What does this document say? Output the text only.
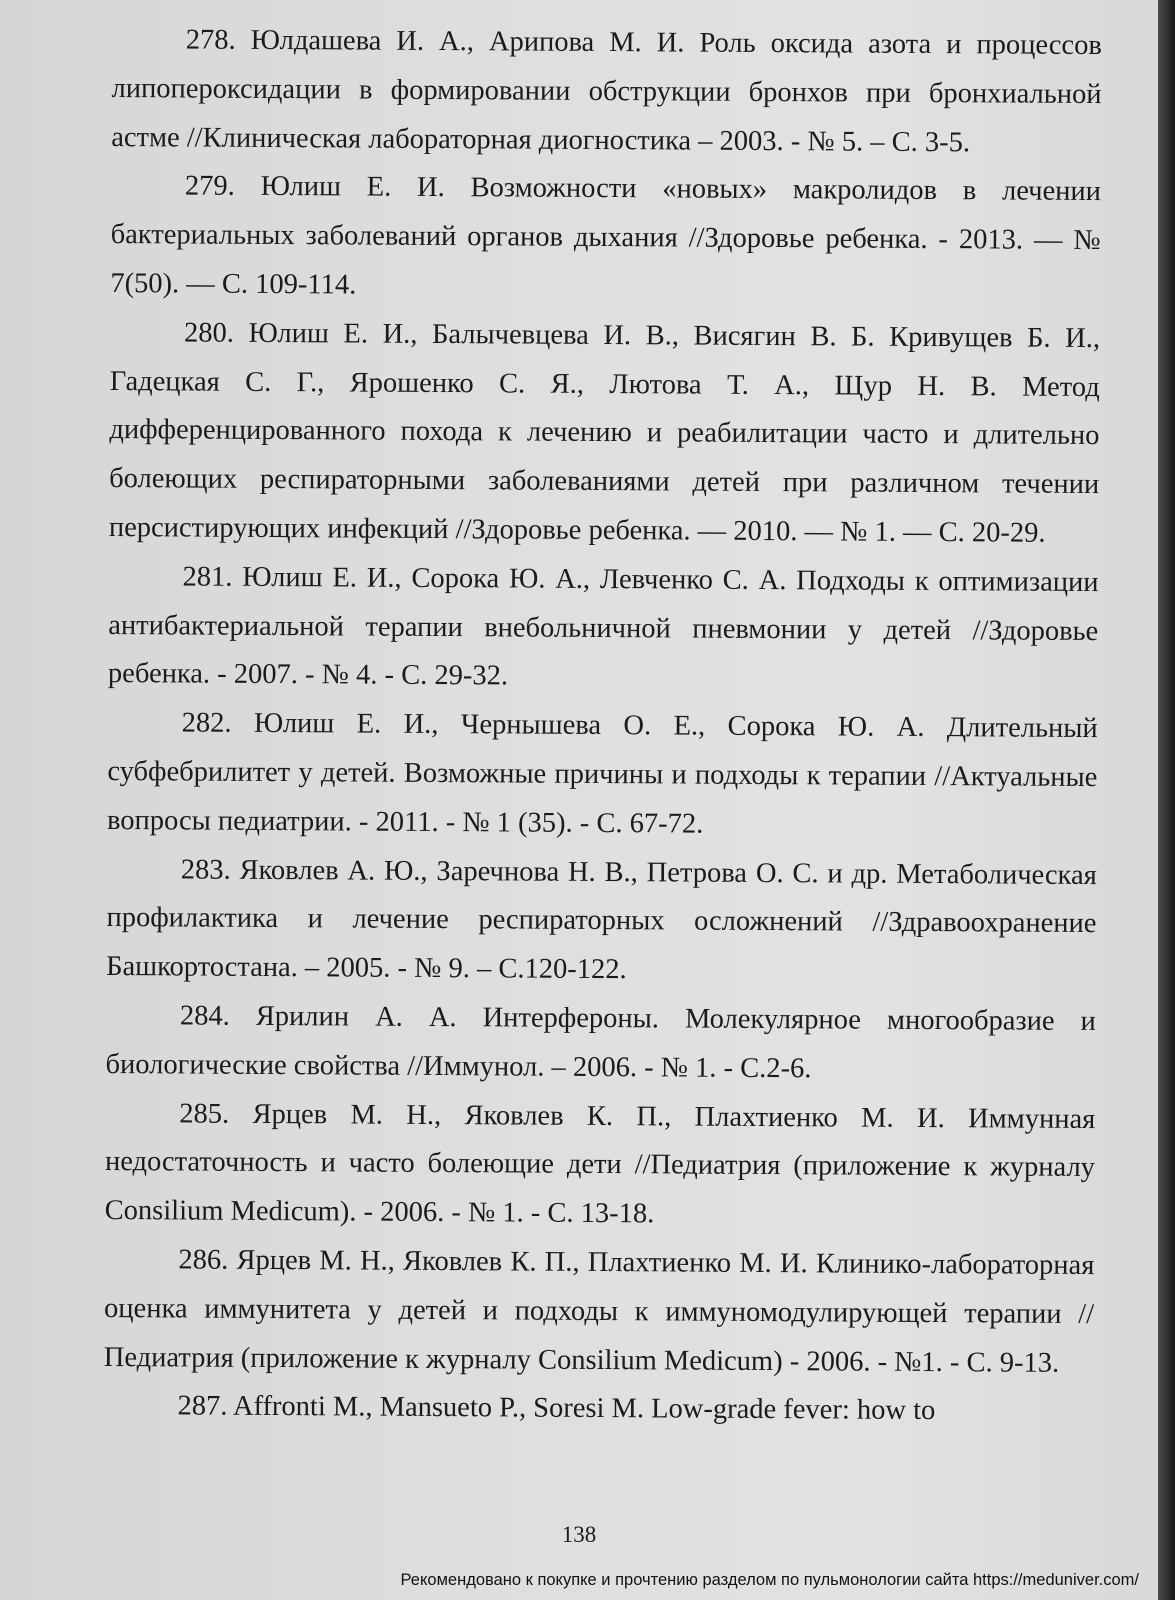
278. Юлдашева И. А., Арипова М. И. Роль оксида азота и процессов липопероксидации в формировании обструкции бронхов при бронхиальной астме //Клиническая лабораторная диогностика – 2003. - № 5. – С. 3-5.

279. Юлиш Е. И. Возможности «новых» макролидов в лечении бактериальных заболеваний органов дыхания //Здоровье ребенка. - 2013. — № 7(50). — С. 109-114.

280. Юлиш Е. И., Балычевцева И. В., Висягин В. Б. Кривущев Б. И., Гадецкая С. Г., Ярошенко С. Я., Лютова Т. А., Щур Н. В. Метод дифференцированного похода к лечению и реабилитации часто и длительно болеющих респираторными заболеваниями детей при различном течении персистирующих инфекций //Здоровье ребенка. — 2010. — № 1. — С. 20-29.

281. Юлиш Е. И., Сорока Ю. А., Левченко С. А. Подходы к оптимизации антибактериальной терапии внебольничной пневмонии у детей //Здоровье ребенка. - 2007. - № 4. - С. 29-32.

282. Юлиш Е. И., Чернышева О. Е., Сорока Ю. А. Длительный субфебрилитет у детей. Возможные причины и подходы к терапии //Актуальные вопросы педиатрии. - 2011. - № 1 (35). - С. 67-72.

283. Яковлев А. Ю., Заречнова Н. В., Петрова О. С. и др. Метаболическая профилактика и лечение респираторных осложнений //Здравоохранение Башкортостана. – 2005. - № 9. – С.120-122.

284. Ярилин А. А. Интерфероны. Молекулярное многообразие и биологические свойства //Иммунол. – 2006. - № 1. - С.2-6.

285. Ярцев М. Н., Яковлев К. П., Плахтиенко М. И. Иммунная недостаточность и часто болеющие дети //Педиатрия (приложение к журналу Consilium Medicum). - 2006. - № 1. - С. 13-18.

286. Ярцев М. Н., Яковлев К. П., Плахтиенко М. И. Клинико-лабораторная оценка иммунитета у детей и подходы к иммуномодулирующей терапии //Педиатрия (приложение к журналу Consilium Medicum) - 2006. - №1. - С. 9-13.

287. Affronti M., Mansueto P., Soresi M. Low-grade fever: how to

138
Рекомендовано к покупке и прочтению разделом по пульмонологии сайта https://meduniver.com/
